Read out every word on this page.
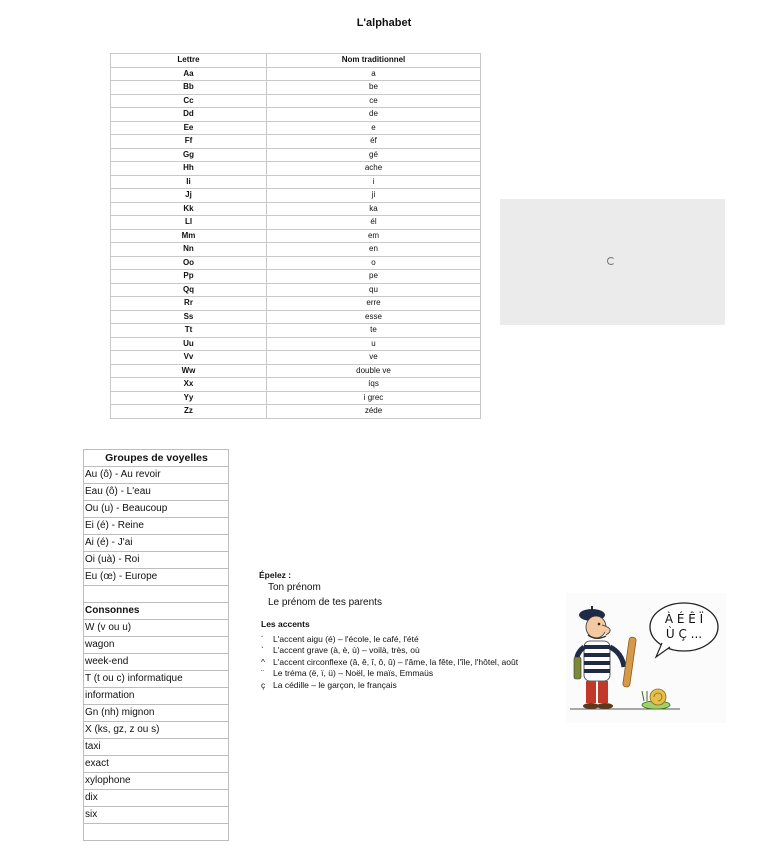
L'alphabet
Lettre	Nom traditionnel
Aa	a
Bb	be
Cc	ce
Dd	de
Ee	e
Ff	éf
Gg	gé
Hh	ache
Ii	i
Jj	ji
Kk	ka
Ll	él
Mm	em
Nn	en
Oo	o
Pp	pe
Qq	qu
Rr	erre
Ss	esse
Tt	te
Uu	u
Vv	ve
Ww	double ve
Xx	íqs
Yy	i grec
Zz	zéde
Groupes de voyelles
Au (ô) - Au revoir
Eau (ô) - L'eau
Ou (u) - Beaucoup
Ei (é) - Reine
Ai (é) - J'ai
Oi (uà) - Roi
Eu (œ) - Europe

Consonnes
W (v ou u)
wagon
week-end
T (t ou c) informatique
information
Gn (nh) mignon
X (ks, gz, z ou s)
taxi
exact
xylophone
dix
six

Épelez :
Ton prénom
Le prénom de tes parents
Les accents
´ L'accent aigu (é) – l'école, le café, l'été
` L'accent grave (à, è, ù) – voilà, très, où
^ L'accent circonflexe (â, ê, î, ô, û) – l'âme, la fête, l'île, l'hôtel, août
¨ Le tréma (ë, ï, ü) – Noël, le maïs, Emmaüs
ç La cédille – le garçon, le français
À É Ê Ï
Ù Ç ...
